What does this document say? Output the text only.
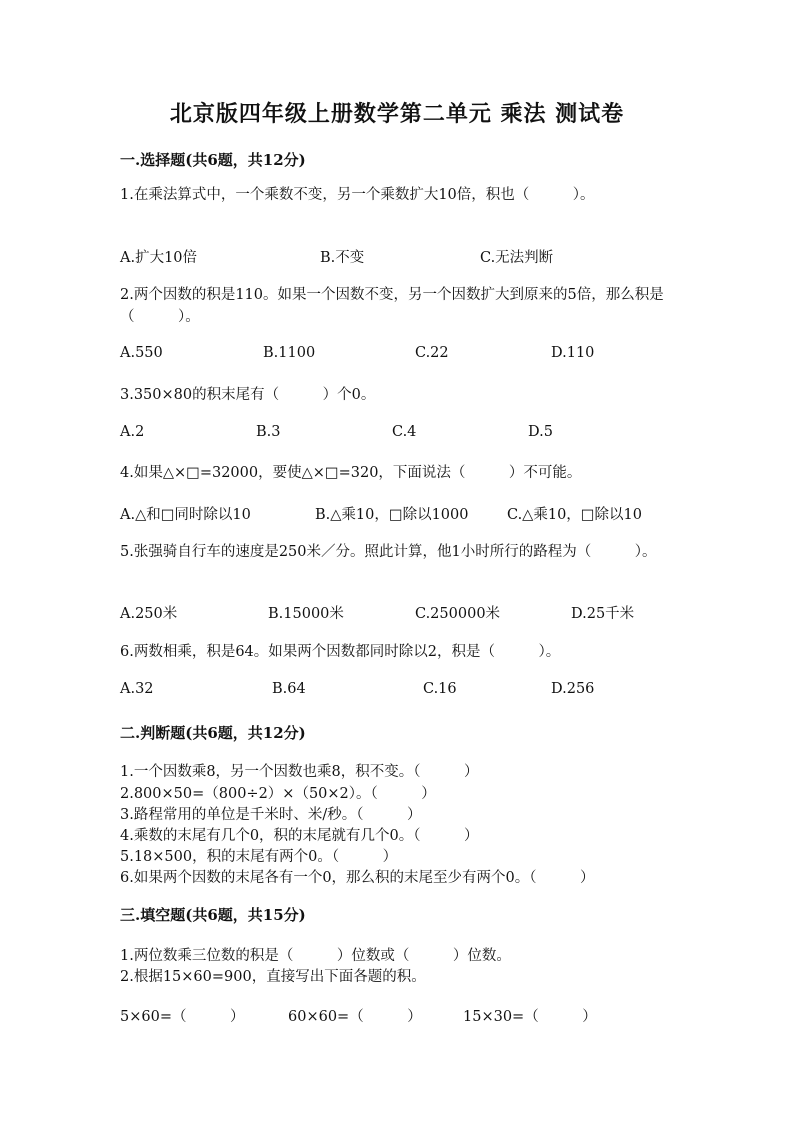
北京版四年级上册数学第二单元 乘法 测试卷
一.选择题(共6题，共12分)
1.在乘法算式中，一个乘数不变，另一个乘数扩大10倍，积也（　　　）。
A.扩大10倍	B.不变	C.无法判断
2.两个因数的积是110。如果一个因数不变，另一个因数扩大到原来的5倍，那么积是（　　　）。
A.550	B.1100	C.22	D.110
3.350×80的积末尾有（　　　）个0。
A.2	B.3	C.4	D.5
4.如果△×□=32000，要使△×□=320，下面说法（　　　）不可能。
A.△和□同时除以10	B.△乘10，□除以1000	C.△乘10，□除以10
5.张强骑自行车的速度是250米／分。照此计算，他1小时所行的路程为（　　　）。
A.250米	B.15000米	C.250000米	D.25千米
6.两数相乘，积是64。如果两个因数都同时除以2，积是（　　　）。
A.32	B.64	C.16	D.256
二.判断题(共6题，共12分)
1.一个因数乘8，另一个因数也乘8，积不变。（　　　）
2.800×50=（800÷2）×（50×2）。（　　　）
3.路程常用的单位是千米时、米/秒。（　　　）
4.乘数的末尾有几个0，积的末尾就有几个0。（　　　）
5.18×500，积的末尾有两个0。（　　　）
6.如果两个因数的末尾各有一个0，那么积的末尾至少有两个0。（　　　）
三.填空题(共6题，共15分)
1.两位数乘三位数的积是（　　　）位数或（　　　）位数。
2.根据15×60=900，直接写出下面各题的积。
5×60=（　　　）	60×60=（　　　）	15×30=（　　　）
